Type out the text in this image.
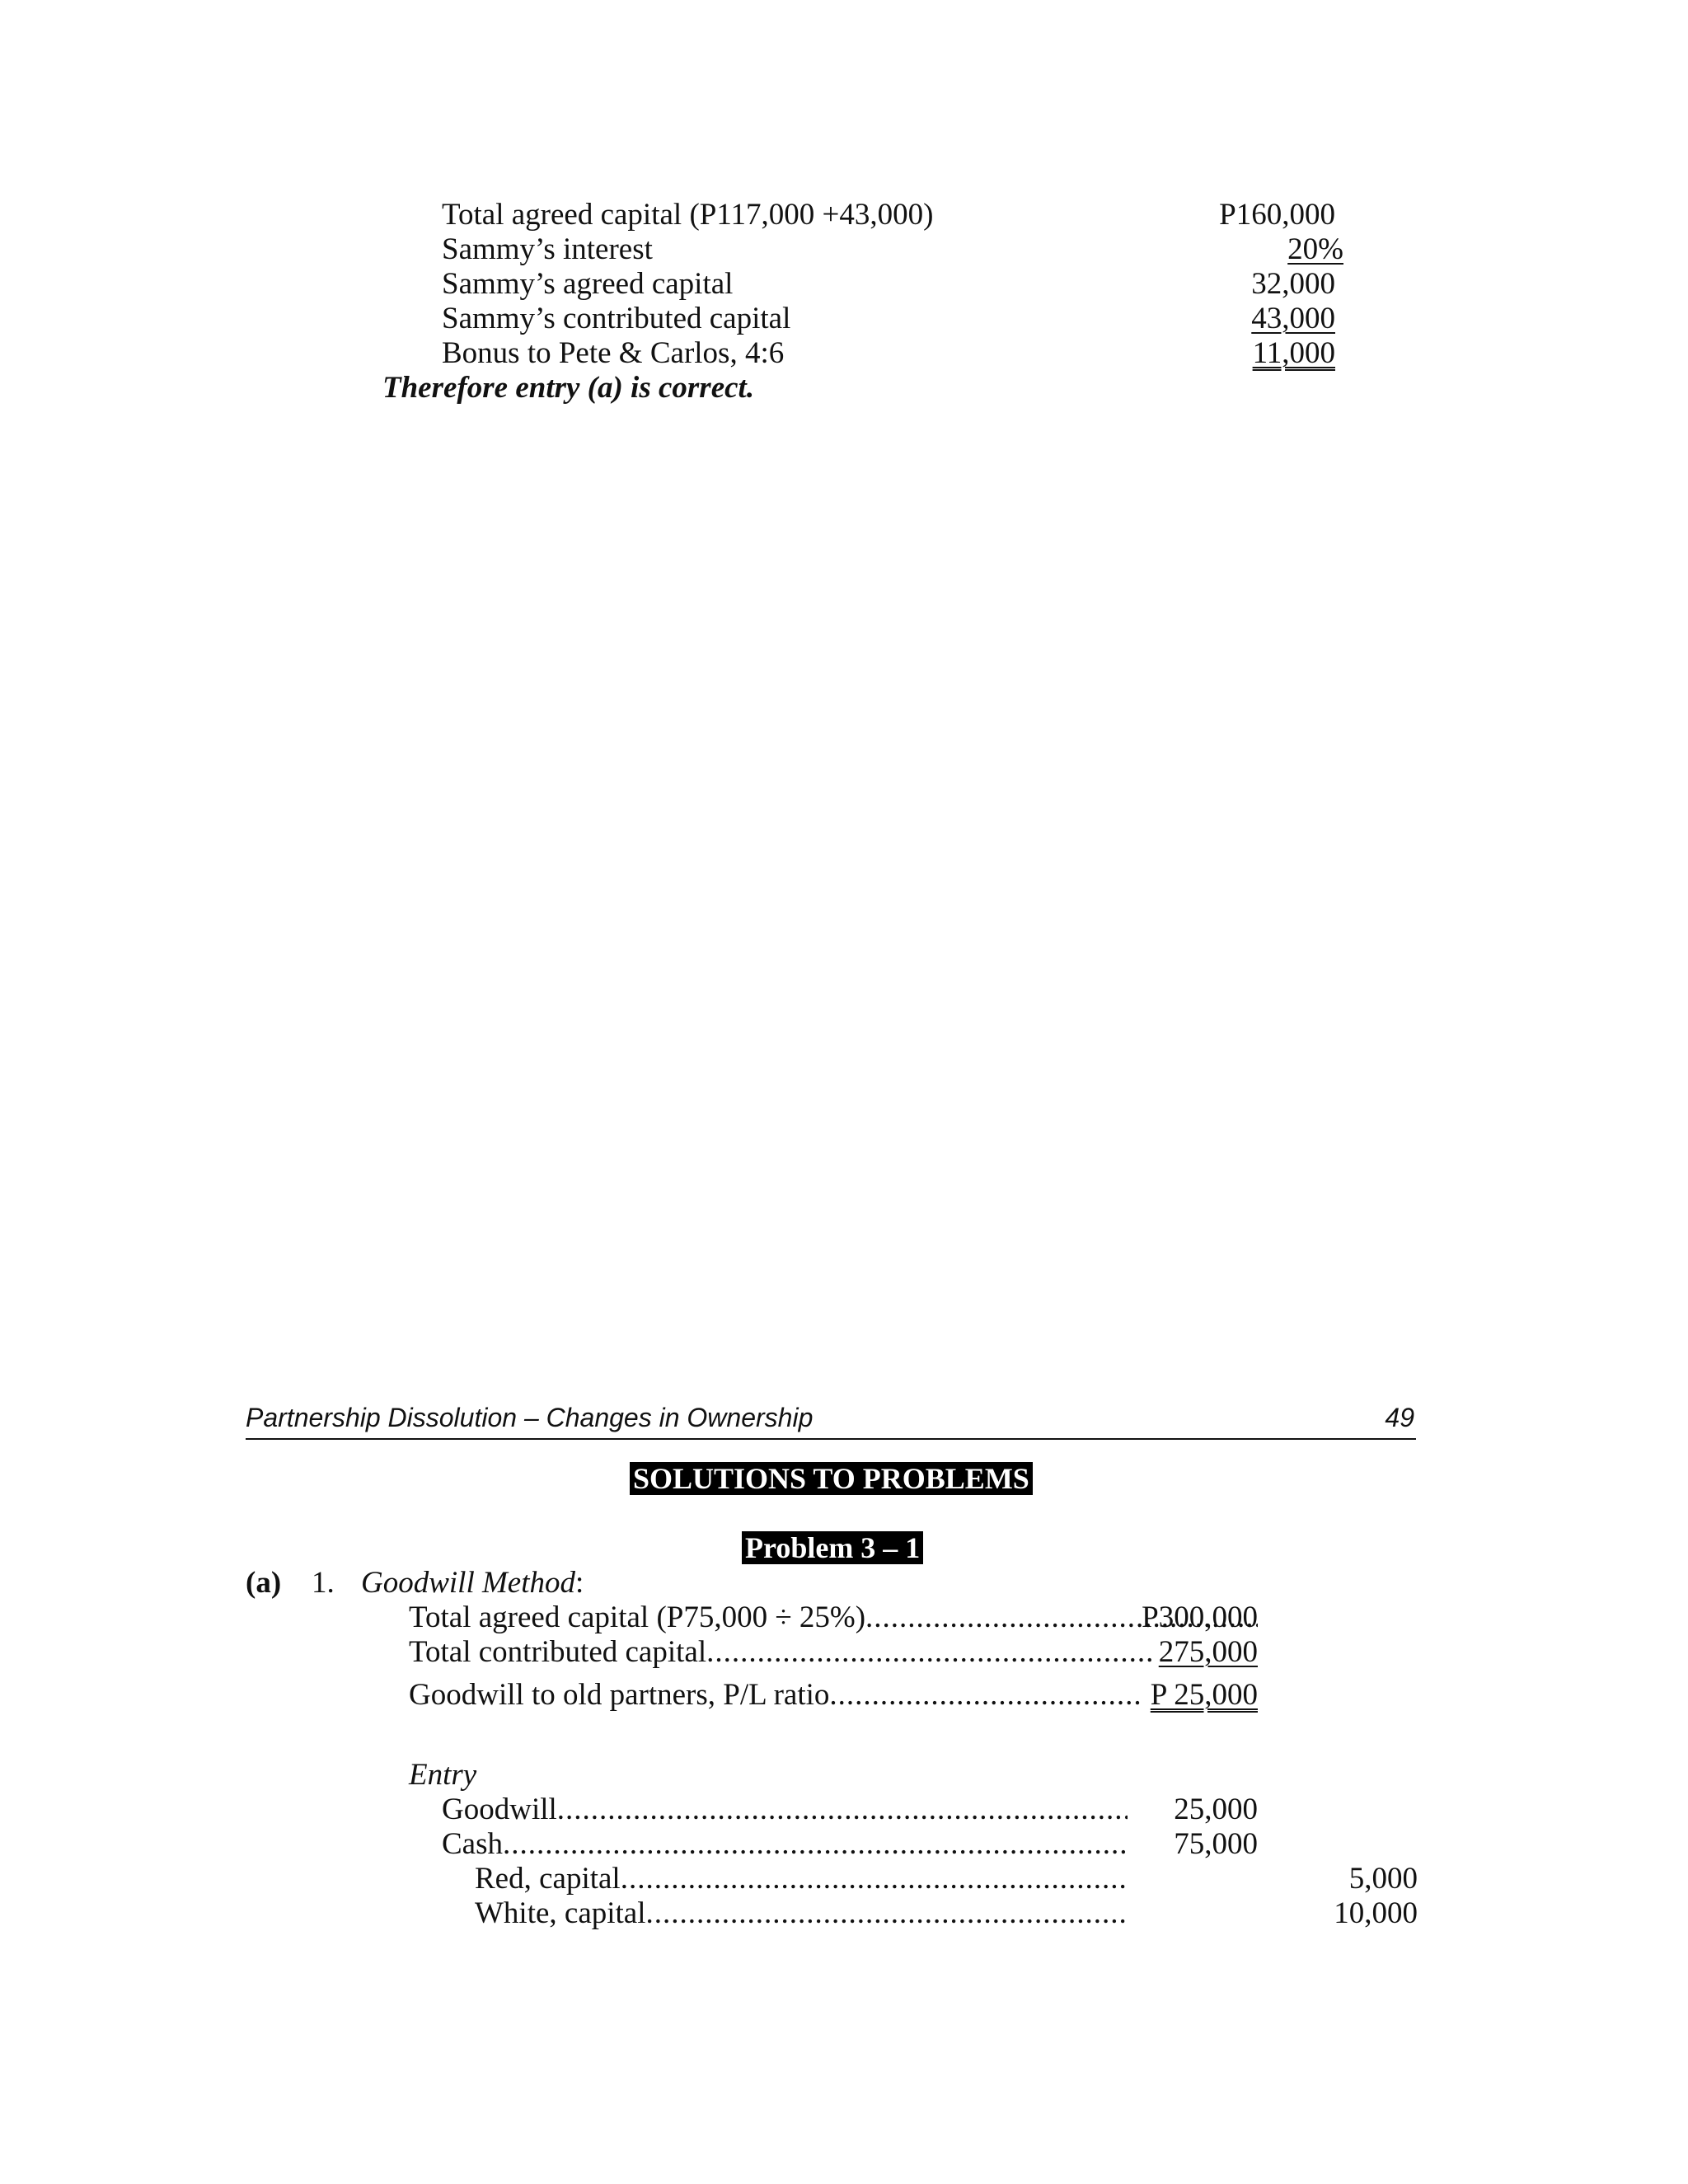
Total agreed capital (P117,000 +43,000)	P160,000
Sammy’s interest	20%
Sammy’s agreed capital	32,000
Sammy’s contributed capital	43,000
Bonus to Pete & Carlos, 4:6	11,000
Therefore entry (a) is correct.
Partnership Dissolution – Changes in Ownership	49
SOLUTIONS TO PROBLEMS
Problem 3 – 1
(a) 1. Goodwill Method:
Total agreed capital (P75,000 ÷ 25%) .....	P300,000
Total contributed capital .....	275,000
Goodwill to old partners, P/L ratio .....	P 25,000
Entry
Goodwill .....	25,000
Cash .....	75,000
Red, capital .....	5,000
White, capital .....	10,000
